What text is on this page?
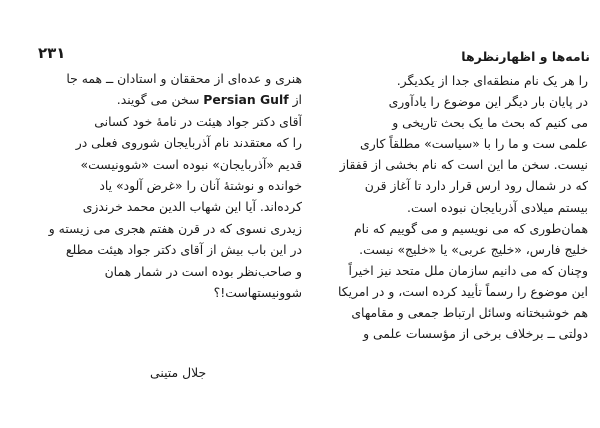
۲۳۱	نامه‌ها و اظهارنظرها
را هر یک نام منطقه‌ای جدا از یکدیگر.
در پایان بار دیگر این موضوع را یادآوری
می کنیم که بحث ما یک بحث تاریخی و
علمی ست و ما را با «سیاست» مطلقاً کاری
نیست. سخن ما این است که نام بخشی از قفقاز
که در شمال رود ارس قرار دارد تا آغاز قرن
بیستم میلادی آذربایجان نبوده است.
همان‌طوری که می نویسیم و می گوییم که نام
خلیج فارس، «خلیج عربی» یا «خلیج» نیست.
وچنان که می دانیم سازمان ملل متحد نیز اخیراً
این موضوع را رسماً تأیید کرده است، و در امریکا
هم خوشبختانه وسائل ارتباط جمعی و مقامهای
دولتی ــ برخلاف برخی از مؤسسات علمی و
هنری و عده‌ای از محققان و استادان ــ همه جا
از Persian Gulf سخن می گویند.
آقای دکتر جواد هیئت در نامهٔ خود کسانی
را که معتقدند نام آذربایجان شوروی فعلی در
قدیم «آذربایجان» نبوده است «شوونیست»
خوانده و نوشتهٔ آنان را «غرض آلود» یاد
کرده‌اند. آیا این شهاب الدین محمد خرندزی
زیدری نسوی که در قرن هفتم هجری می زیسته و
در این باب بیش از آقای دکتر جواد هیئت مطلع
و صاحب‌نظر بوده است در شمار همان
شوونیستهاست!؟
جلال متینی
